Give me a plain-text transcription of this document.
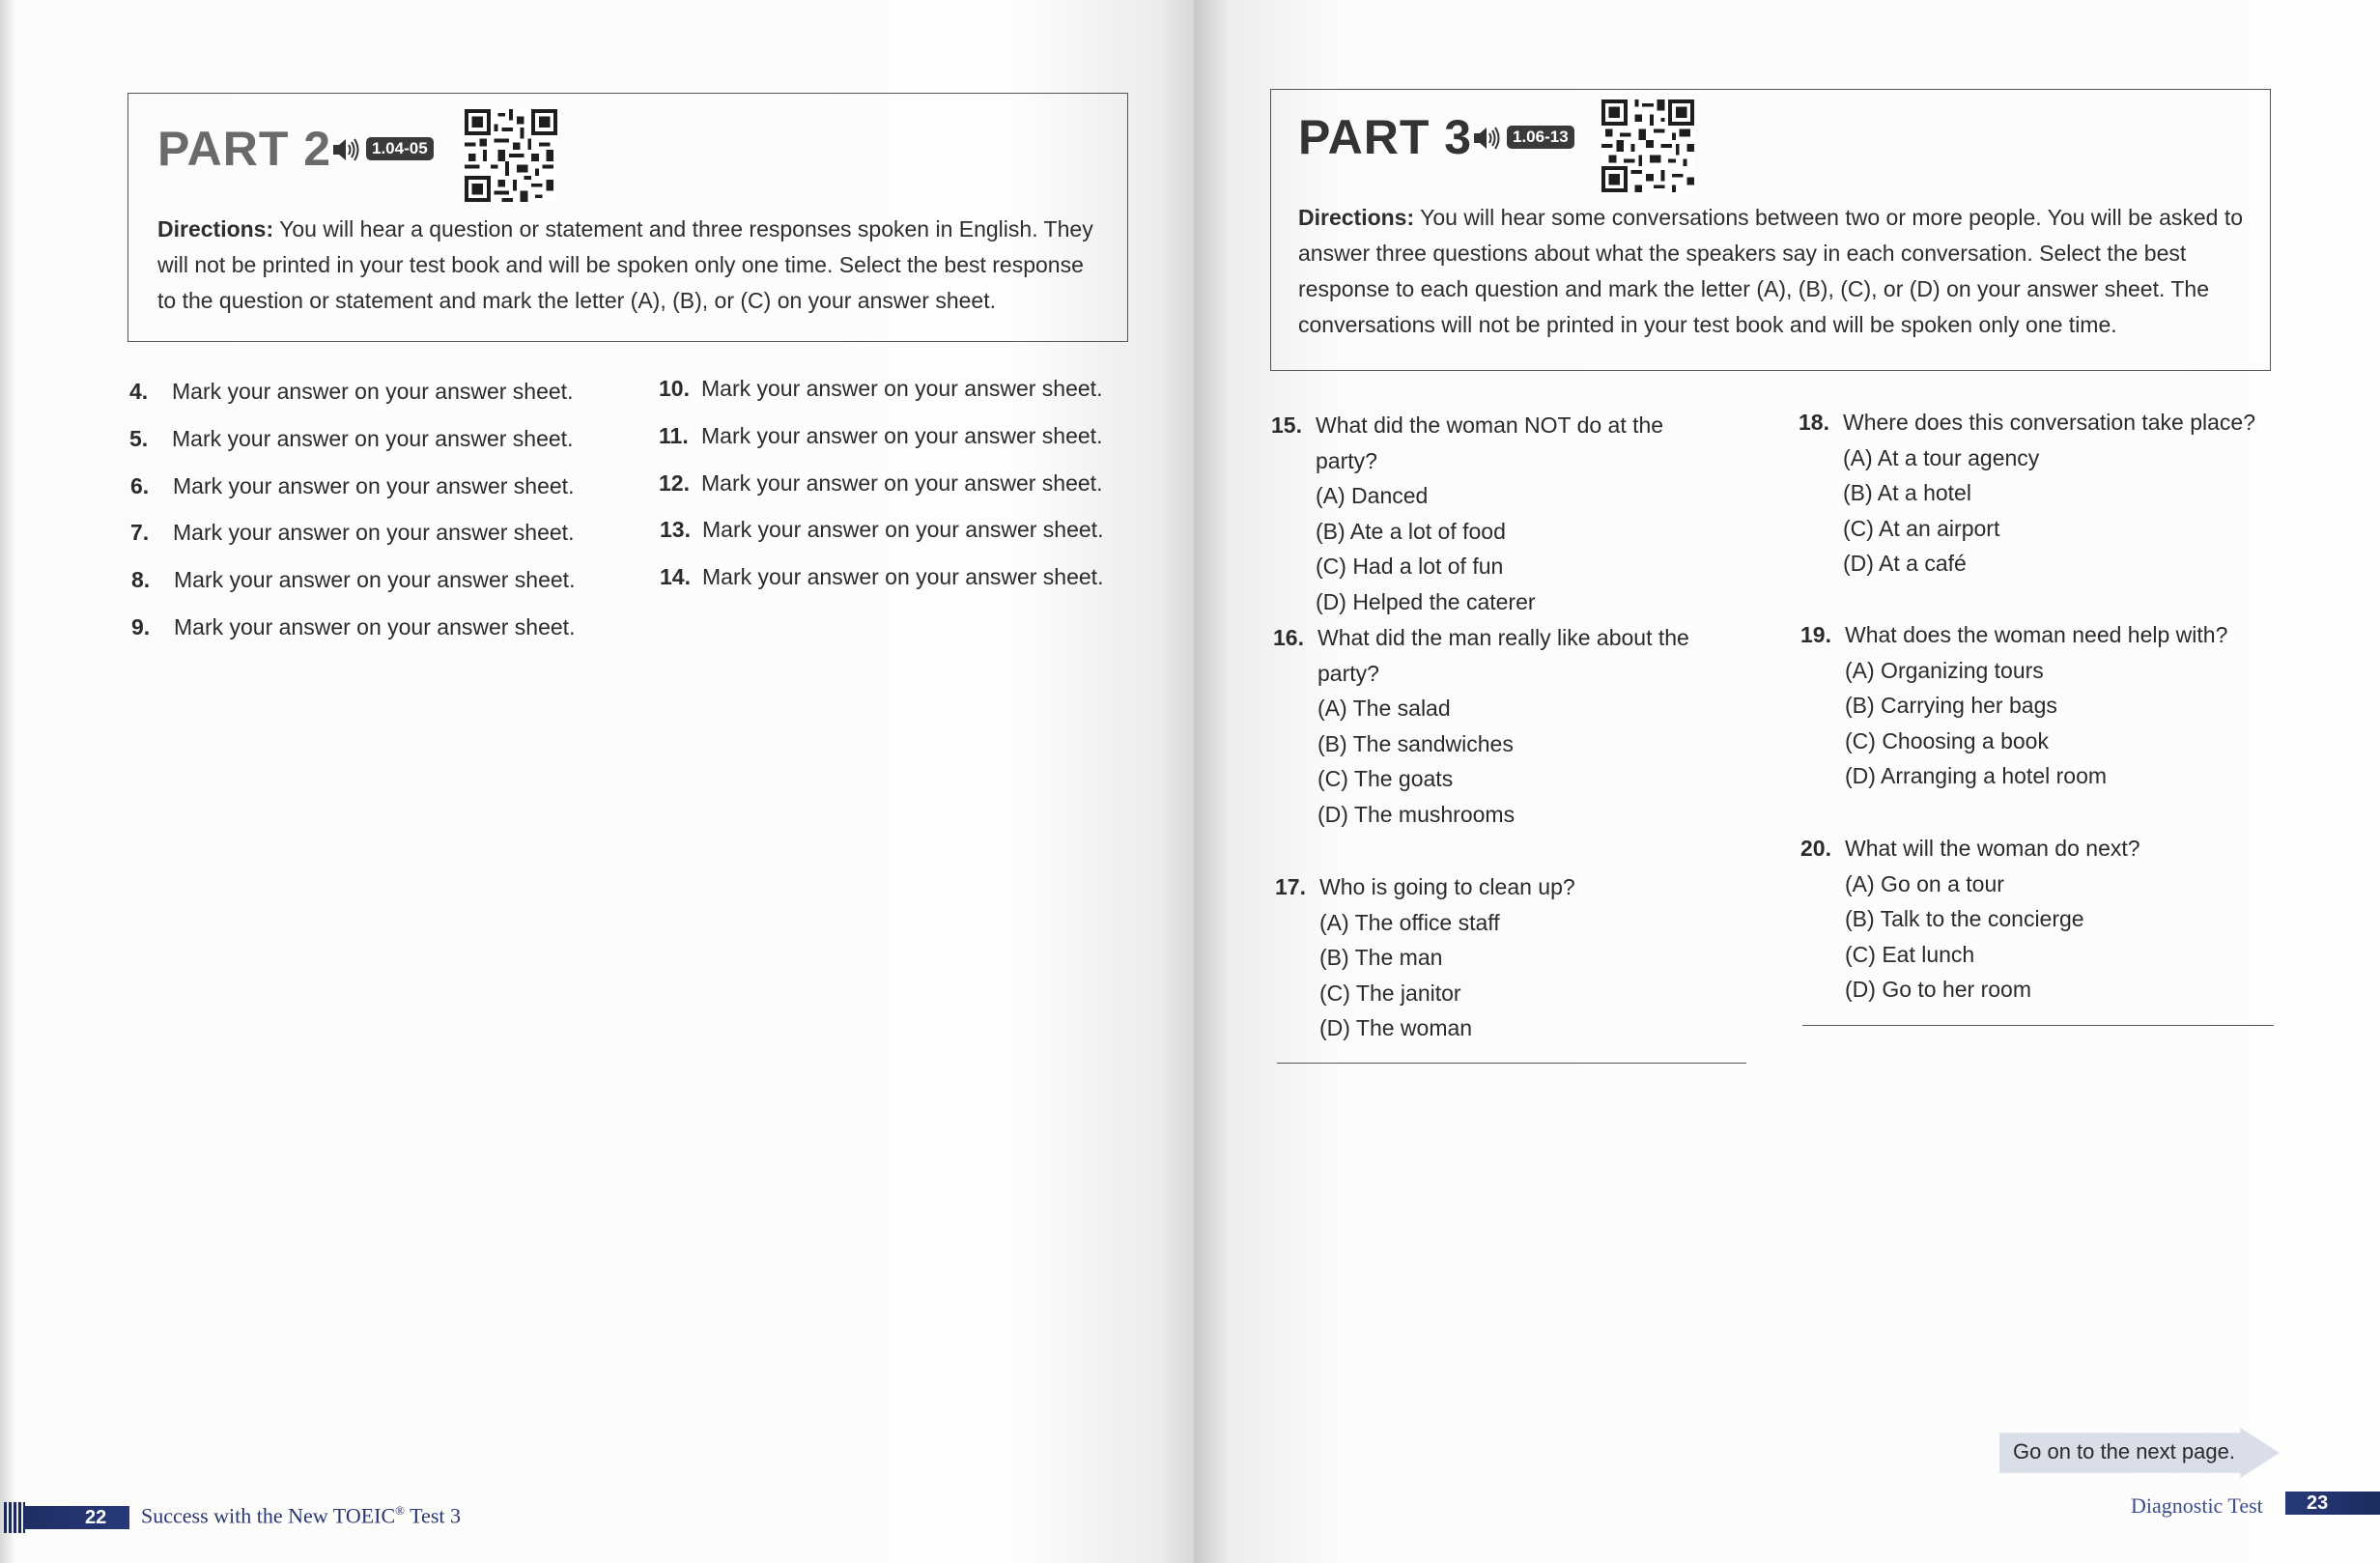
PART 2	1.04-05
Directions: You will hear a question or statement and three responses spoken in English. They will not be printed in your test book and will be spoken only one time. Select the best response to the question or statement and mark the letter (A), (B), or (C) on your answer sheet.
4. Mark your answer on your answer sheet.
5. Mark your answer on your answer sheet.
6. Mark your answer on your answer sheet.
7. Mark your answer on your answer sheet.
8. Mark your answer on your answer sheet.
9. Mark your answer on your answer sheet.
10. Mark your answer on your answer sheet.
11. Mark your answer on your answer sheet.
12. Mark your answer on your answer sheet.
13. Mark your answer on your answer sheet.
14. Mark your answer on your answer sheet.
22 Success with the New TOEIC® Test 3
PART 3	1.06-13
Directions: You will hear some conversations between two or more people. You will be asked to answer three questions about what the speakers say in each conversation. Select the best response to each question and mark the letter (A), (B), (C), or (D) on your answer sheet. The conversations will not be printed in your test book and will be spoken only one time.
15. What did the woman NOT do at the party?
(A) Danced
(B) Ate a lot of food
(C) Had a lot of fun
(D) Helped the caterer
16. What did the man really like about the party?
(A) The salad
(B) The sandwiches
(C) The goats
(D) The mushrooms
17. Who is going to clean up?
(A) The office staff
(B) The man
(C) The janitor
(D) The woman
18. Where does this conversation take place?
(A) At a tour agency
(B) At a hotel
(C) At an airport
(D) At a café
19. What does the woman need help with?
(A) Organizing tours
(B) Carrying her bags
(C) Choosing a book
(D) Arranging a hotel room
20. What will the woman do next?
(A) Go on a tour
(B) Talk to the concierge
(C) Eat lunch
(D) Go to her room
Go on to the next page.
Diagnostic Test 23
